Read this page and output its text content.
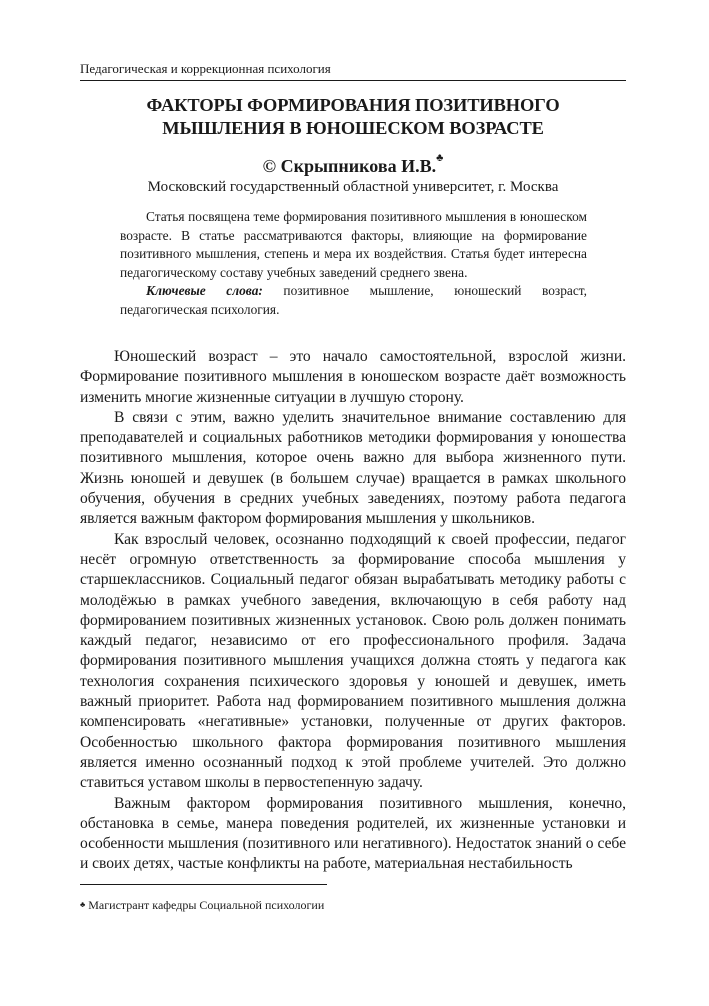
Педагогическая и коррекционная психология
ФАКТОРЫ ФОРМИРОВАНИЯ ПОЗИТИВНОГО
МЫШЛЕНИЯ В ЮНОШЕСКОМ ВОЗРАСТЕ
© Скрыпникова И.В.♣
Московский государственный областной университет, г. Москва

Статья посвящена теме формирования позитивного мышления в юношеском возрасте. В статье рассматриваются факторы, влияющие на формирование позитивного мышления, степень и мера их воздействия. Статья будет интересна педагогическому составу учебных заведений среднего звена.

Ключевые слова: позитивное мышление, юношеский возраст, педагогическая психология.

Юношеский возраст – это начало самостоятельной, взрослой жизни. Формирование позитивного мышления в юношеском возрасте даёт возможность изменить многие жизненные ситуации в лучшую сторону.

В связи с этим, важно уделить значительное внимание составлению для преподавателей и социальных работников методики формирования у юношества позитивного мышления, которое очень важно для выбора жизненного пути. Жизнь юношей и девушек (в большем случае) вращается в рамках школьного обучения, обучения в средних учебных заведениях, поэтому работа педагога является важным фактором формирования мышления у школьников.

Как взрослый человек, осознанно подходящий к своей профессии, педагог несёт огромную ответственность за формирование способа мышления у старшеклассников. Социальный педагог обязан вырабатывать методику работы с молодёжью в рамках учебного заведения, включающую в себя работу над формированием позитивных жизненных установок. Свою роль должен понимать каждый педагог, независимо от его профессионального профиля. Задача формирования позитивного мышления учащихся должна стоять у педагога как технология сохранения психического здоровья у юношей и девушек, иметь важный приоритет. Работа над формированием позитивного мышления должна компенсировать «негативные» установки, полученные от других факторов. Особенностью школьного фактора формирования позитивного мышления является именно осознанный подход к этой проблеме учителей. Это должно ставиться уставом школы в первостепенную задачу.

Важным фактором формирования позитивного мышления, конечно, обстановка в семье, манера поведения родителей, их жизненные установки и особенности мышления (позитивного или негативного). Недостаток знаний о себе и своих детях, частые конфликты на работе, материальная нестабильность

♣ Магистрант кафедры Социальной психологии
